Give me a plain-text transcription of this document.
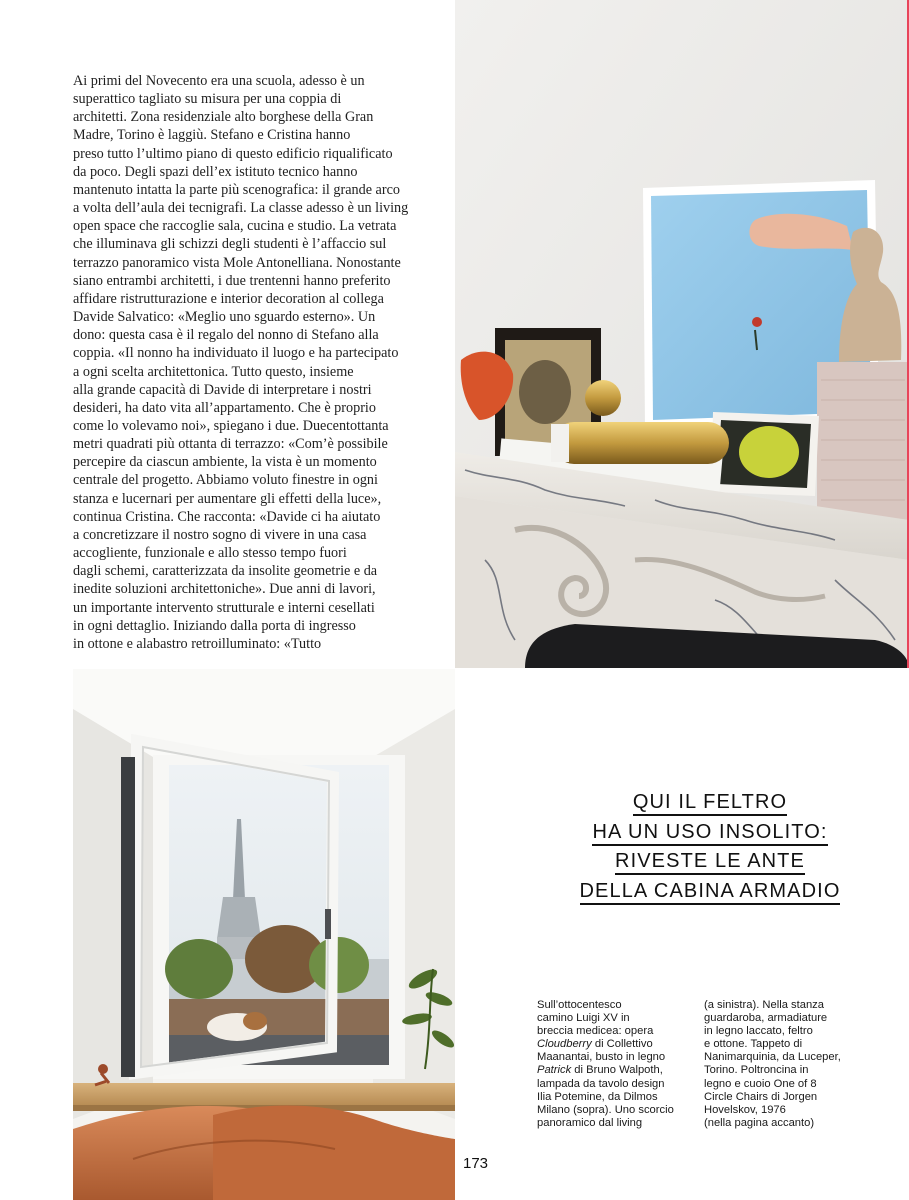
Ai primi del Novecento era una scuola, adesso è un

superattico tagliato su misura per una coppia di

architetti. Zona residenziale alto borghese della Gran

Madre, Torino è laggiù. Stefano e Cristina hanno

preso tutto l’ultimo piano di questo edificio riqualificato

da poco. Degli spazi dell’ex istituto tecnico hanno

mantenuto intatta la parte più scenografica: il grande arco

a volta dell’aula dei tecnigrafi. La classe adesso è un living

open space che raccoglie sala, cucina e studio. La vetrata

che illuminava gli schizzi degli studenti è l’affaccio sul

terrazzo panoramico vista Mole Antonelliana. Nonostante

siano entrambi architetti, i due trentenni hanno preferito

affidare ristrutturazione e interior decoration al collega

Davide Salvatico: «Meglio uno sguardo esterno». Un

dono: questa casa è il regalo del nonno di Stefano alla

coppia. «Il nonno ha individuato il luogo e ha partecipato

a ogni scelta architettonica. Tutto questo, insieme

alla grande capacità di Davide di interpretare i nostri

desideri, ha dato vita all’appartamento. Che è proprio

come lo volevamo noi», spiegano i due. Duecentottanta

metri quadrati più ottanta di terrazzo: «Com’è possibile

percepire da ciascun ambiente, la vista è un momento

centrale del progetto. Abbiamo voluto finestre in ogni

stanza e lucernari per aumentare gli effetti della luce»,

continua Cristina. Che racconta: «Davide ci ha aiutato

a concretizzare il nostro sogno di vivere in una casa

accogliente, funzionale e allo stesso tempo fuori

dagli schemi, caratterizzata da insolite geometrie e da

inedite soluzioni architettoniche». Due anni di lavori,

un importante intervento strutturale e interni cesellati

in ogni dettaglio. Iniziando dalla porta di ingresso

in ottone e alabastro retroilluminato: «Tutto

QUI IL FELTRO
HA UN USO INSOLITO:
RIVESTE LE ANTE
DELLA CABINA ARMADIO

Sull’ottocentesco

camino Luigi XV in

breccia medicea: opera

Cloudberry di Collettivo

Maanantai, busto in legno

Patrick di Bruno Walpoth,

lampada da tavolo design

Ilia Potemine, da Dilmos

Milano (sopra). Uno scorcio

panoramico dal living

(a sinistra). Nella stanza

guardaroba, armadiature

in legno laccato, feltro

e ottone. Tappeto di

Nanimarquinia, da Luceper,

Torino. Poltroncina in

legno e cuoio One of 8

Circle Chairs di Jorgen

Hovelskov, 1976

(nella pagina accanto)

173
